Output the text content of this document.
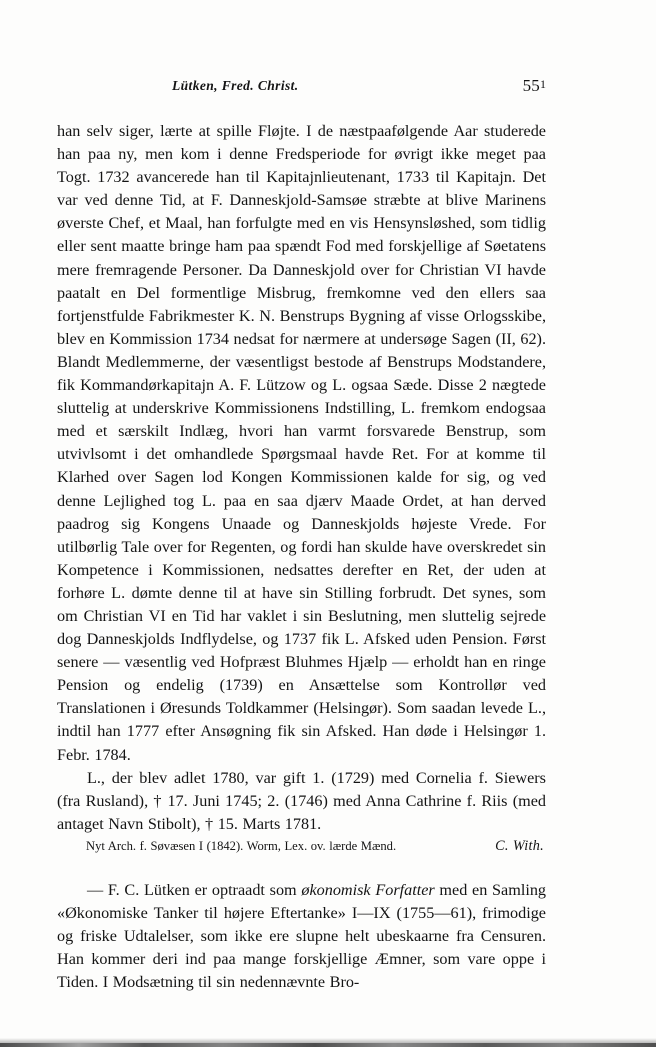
Lütken, Fred. Christ.	551

han selv siger, lærte at spille Fløjte. I de næstpaafølgende Aar studerede han paa ny, men kom i denne Fredsperiode for øvrigt ikke meget paa Togt. 1732 avancerede han til Kapitajnlieutenant, 1733 til Kapitajn. Det var ved denne Tid, at F. Danneskjold-Samsøe stræbte at blive Marinens øverste Chef, et Maal, han forfulgte med en vis Hensynsløshed, som tidlig eller sent maatte bringe ham paa spændt Fod med forskjellige af Søetatens mere fremragende Personer. Da Danneskjold over for Christian VI havde paatalt en Del formentlige Misbrug, fremkomne ved den ellers saa fortjenstfulde Fabrikmester K. N. Benstrups Bygning af visse Orlogsskibe, blev en Kommission 1734 nedsat for nærmere at undersøge Sagen (II, 62). Blandt Medlemmerne, der væsentligst bestode af Benstrups Modstandere, fik Kommandørkapitajn A. F. Lützow og L. ogsaa Sæde. Disse 2 nægtede sluttelig at underskrive Kommissionens Indstilling, L. fremkom endogsaa med et særskilt Indlæg, hvori han varmt forsvarede Benstrup, som utvivlsomt i det omhandlede Spørgsmaal havde Ret. For at komme til Klarhed over Sagen lod Kongen Kommissionen kalde for sig, og ved denne Lejlighed tog L. paa en saa djærv Maade Ordet, at han derved paadrog sig Kongens Unaade og Danneskjolds højeste Vrede. For utilbørlig Tale over for Regenten, og fordi han skulde have overskredet sin Kompetence i Kommissionen, nedsattes derefter en Ret, der uden at forhøre L. dømte denne til at have sin Stilling forbrudt. Det synes, som om Christian VI en Tid har vaklet i sin Beslutning, men sluttelig sejrede dog Danneskjolds Indflydelse, og 1737 fik L. Afsked uden Pension. Først senere — væsentlig ved Hofpræst Bluhmes Hjælp — erholdt han en ringe Pension og endelig (1739) en Ansættelse som Kontrollør ved Translationen i Øresunds Toldkammer (Helsingør). Som saadan levede L., indtil han 1777 efter Ansøgning fik sin Afsked. Han døde i Helsingør 1. Febr. 1784.

L., der blev adlet 1780, var gift 1. (1729) med Cornelia f. Siewers (fra Rusland), † 17. Juni 1745; 2. (1746) med Anna Cathrine f. Riis (med antaget Navn Stibolt), † 15. Marts 1781.

C. With.
Nyt Arch. f. Søvæsen I (1842). Worm, Lex. ov. lærde Mænd.

— F. C. Lütken er optraadt som økonomisk Forfatter med en Samling «Økonomiske Tanker til højere Eftertanke» I—IX (1755—61), frimodige og friske Udtalelser, som ikke ere slupne helt ubeskaarne fra Censuren. Han kommer deri ind paa mange forskjellige Æmner, som vare oppe i Tiden. I Modsætning til sin nedennævnte Bro-
